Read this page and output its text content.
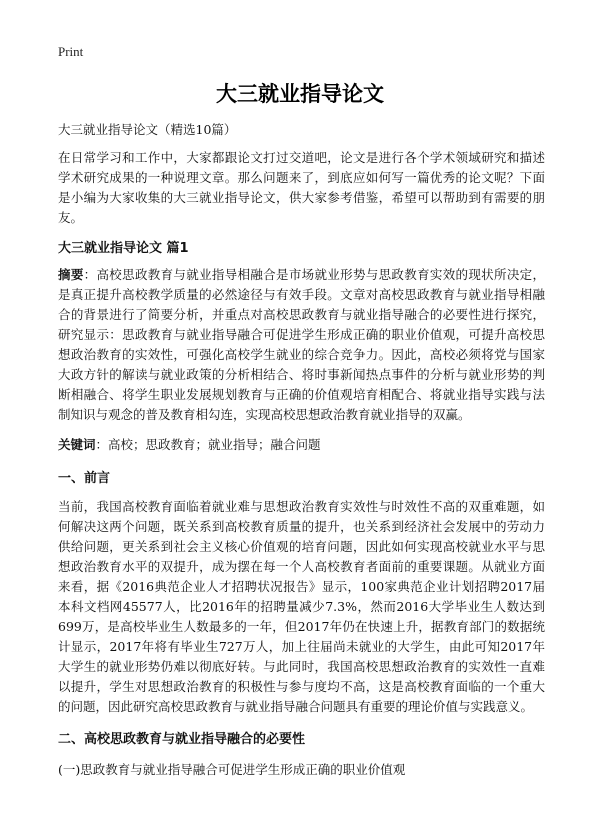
Print
大三就业指导论文

大三就业指导论文（精选10篇）

在日常学习和工作中，大家都跟论文打过交道吧，论文是进行各个学术领域研究和描述学术研究成果的一种说理文章。那么问题来了，到底应如何写一篇优秀的论文呢？下面是小编为大家收集的大三就业指导论文，供大家参考借鉴，希望可以帮助到有需要的朋友。

大三就业指导论文 篇1

摘要：高校思政教育与就业指导相融合是市场就业形势与思政教育实效的现状所决定，是真正提升高校教学质量的必然途径与有效手段。文章对高校思政教育与就业指导相融合的背景进行了简要分析，并重点对高校思政教育与就业指导融合的必要性进行探究，研究显示：思政教育与就业指导融合可促进学生形成正确的职业价值观，可提升高校思想政治教育的实效性，可强化高校学生就业的综合竞争力。因此，高校必须将党与国家大政方针的解读与就业政策的分析相结合、将时事新闻热点事件的分析与就业形势的判断相融合、将学生职业发展规划教育与正确的价值观培育相配合、将就业指导实践与法制知识与观念的普及教育相勾连，实现高校思想政治教育就业指导的双赢。

关键词：高校；思政教育；就业指导；融合问题

一、前言

当前，我国高校教育面临着就业难与思想政治教育实效性与时效性不高的双重难题，如何解决这两个问题，既关系到高校教育质量的提升，也关系到经济社会发展中的劳动力供给问题，更关系到社会主义核心价值观的培育问题，因此如何实现高校就业水平与思想政治教育水平的双提升，成为摆在每一个人高校教育者面前的重要课题。从就业方面来看，据《2016典范企业人才招聘状况报告》显示，100家典范企业计划招聘2017届本科文档网45577人，比2016年的招聘量减少7.3%，然而2016大学毕业生人数达到699万，是高校毕业生人数最多的一年，但2017年仍在快速上升，据教育部门的数据统计显示，2017年将有毕业生727万人，加上往届尚未就业的大学生，由此可知2017年大学生的就业形势仍难以彻底好转。与此同时，我国高校思想政治教育的实效性一直难以提升，学生对思想政治教育的积极性与参与度均不高，这是高校教育面临的一个重大的问题，因此研究高校思政教育与就业指导融合问题具有重要的理论价值与实践意义。

二、高校思政教育与就业指导融合的必要性

(一)思政教育与就业指导融合可促进学生形成正确的职业价值观
